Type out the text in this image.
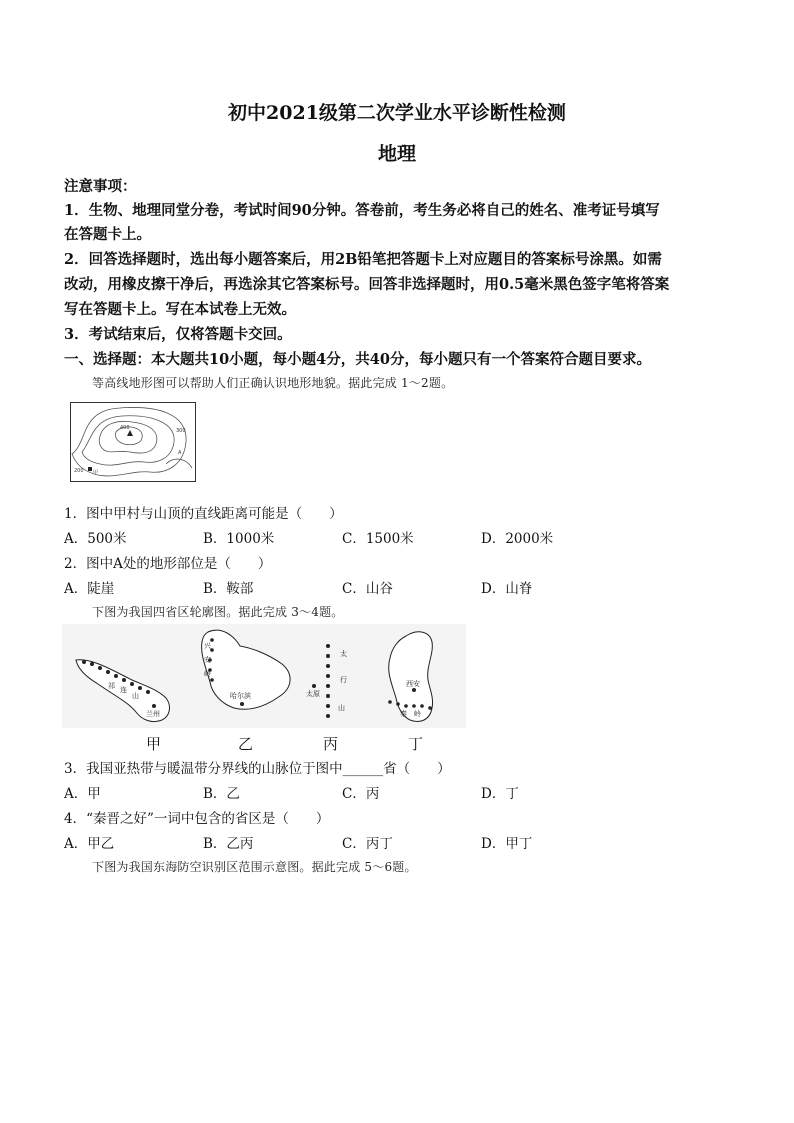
初中2021级第二次学业水平诊断性检测
地理
注意事项：
1．生物、地理同堂分卷，考试时间90分钟。答卷前，考生务必将自己的姓名、准考证号填写
在答题卡上。
2．回答选择题时，选出每小题答案后，用2B铅笔把答题卡上对应题目的答案标号涂黑。如需
改动，用橡皮擦干净后，再选涂其它答案标号。回答非选择题时，用0.5毫米黑色签字笔将答案
写在答题卡上。写在本试卷上无效。
3．考试结束后，仅将答题卡交回。
一、选择题：本大题共10小题，每小题4分，共40分，每小题只有一个答案符合题目要求。
等高线地形图可以帮助人们正确认识地形地貌。据此完成 1～2题。
400	300
200
A
甲
1．图中甲村与山顶的直线距离可能是（　　）
A．500米	B．1000米	C．1500米	D．2000米
2．图中A处的地形部位是（　　）
A．陡崖	B．鞍部	C．山谷	D．山脊
下图为我国四省区轮廓图。据此完成 3～4题。
祁 连
山
兰州
兴
安
岭
哈尔滨
太
行
山
太原
秦 岭
西安
甲	乙	丙	丁
3．我国亚热带与暖温带分界线的山脉位于图中______省（　　）
A．甲	B．乙	C．丙	D．丁
4．“秦晋之好”一词中包含的省区是（　　）
A．甲乙	B．乙丙	C．丙丁	D．甲丁
下图为我国东海防空识别区范围示意图。据此完成 5～6题。
